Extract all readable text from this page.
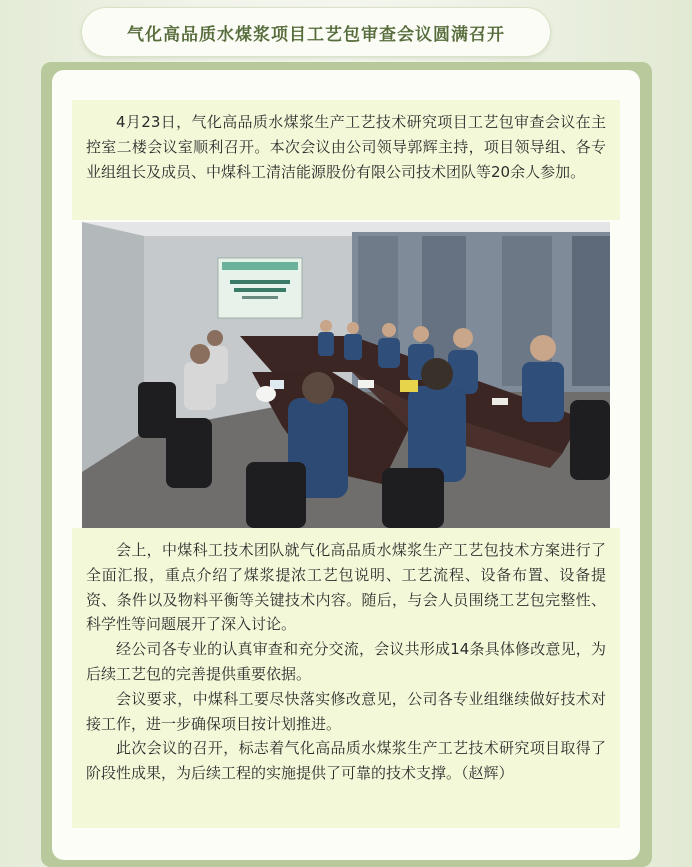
气化高品质水煤浆项目工艺包审查会议圆满召开

4月23日，气化高品质水煤浆生产工艺技术研究项目工艺包审查会议在主控室二楼会议室顺利召开。本次会议由公司领导郭辉主持，项目领导组、各专业组组长及成员、中煤科工清洁能源股份有限公司技术团队等20余人参加。

会上，中煤科工技术团队就气化高品质水煤浆生产工艺包技术方案进行了全面汇报，重点介绍了煤浆提浓工艺包说明、工艺流程、设备布置、设备提资、条件以及物料平衡等关键技术内容。随后，与会人员围绕工艺包完整性、科学性等问题展开了深入讨论。

经公司各专业的认真审查和充分交流，会议共形成14条具体修改意见，为后续工艺包的完善提供重要依据。

会议要求，中煤科工要尽快落实修改意见，公司各专业组继续做好技术对接工作，进一步确保项目按计划推进。

此次会议的召开，标志着气化高品质水煤浆生产工艺技术研究项目取得了阶段性成果，为后续工程的实施提供了可靠的技术支撑。（赵辉）
